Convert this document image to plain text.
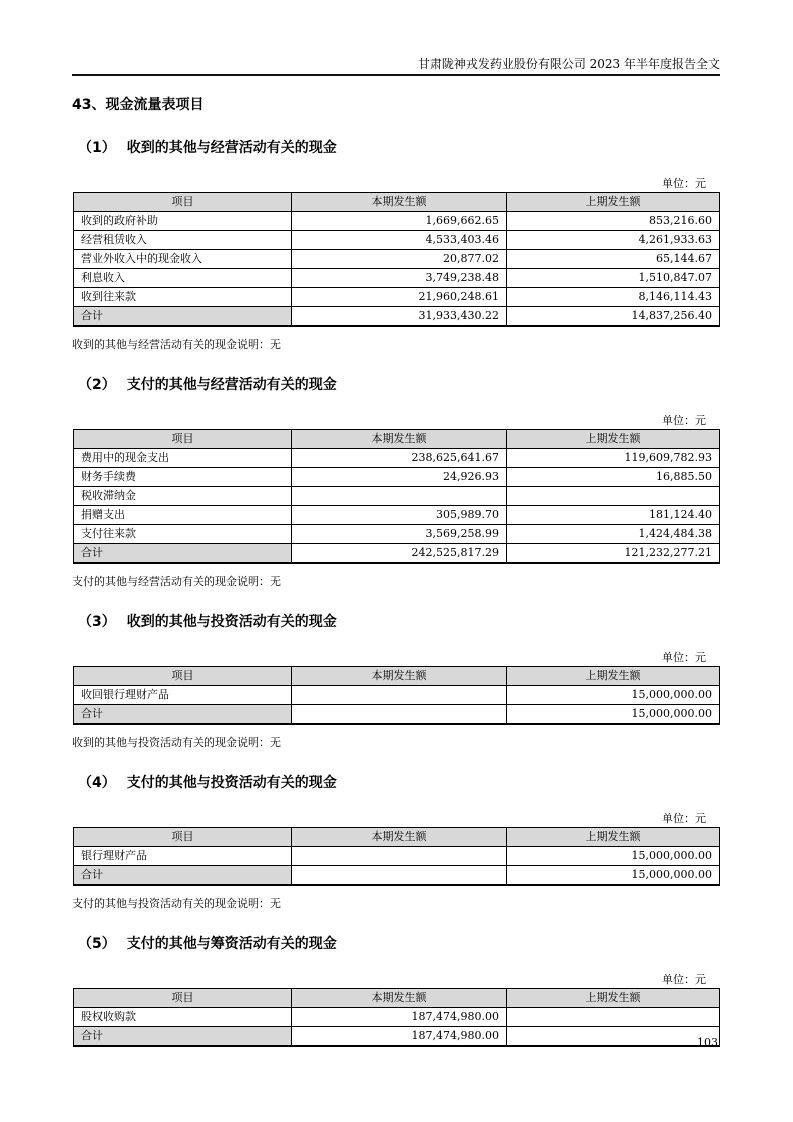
甘肃陇神戎发药业股份有限公司 2023 年半年度报告全文
43、现金流量表项目
（1） 收到的其他与经营活动有关的现金
单位：元
项目	本期发生额	上期发生额
收到的政府补助	1,669,662.65	853,216.60
经营租赁收入	4,533,403.46	4,261,933.63
营业外收入中的现金收入	20,877.02	65,144.67
利息收入	3,749,238.48	1,510,847.07
收到往来款	21,960,248.61	8,146,114.43
合计	31,933,430.22	14,837,256.40
收到的其他与经营活动有关的现金说明：无
（2） 支付的其他与经营活动有关的现金
单位：元
项目	本期发生额	上期发生额
费用中的现金支出	238,625,641.67	119,609,782.93
财务手续费	24,926.93	16,885.50
税收滞纳金		
捐赠支出	305,989.70	181,124.40
支付往来款	3,569,258.99	1,424,484.38
合计	242,525,817.29	121,232,277.21
支付的其他与经营活动有关的现金说明：无
（3） 收到的其他与投资活动有关的现金
单位：元
项目	本期发生额	上期发生额
收回银行理财产品		15,000,000.00
合计		15,000,000.00
收到的其他与投资活动有关的现金说明：无
（4） 支付的其他与投资活动有关的现金
单位：元
项目	本期发生额	上期发生额
银行理财产品		15,000,000.00
合计		15,000,000.00
支付的其他与投资活动有关的现金说明：无
（5） 支付的其他与筹资活动有关的现金
单位：元
项目	本期发生额	上期发生额
股权收购款	187,474,980.00	
合计	187,474,980.00	
103
